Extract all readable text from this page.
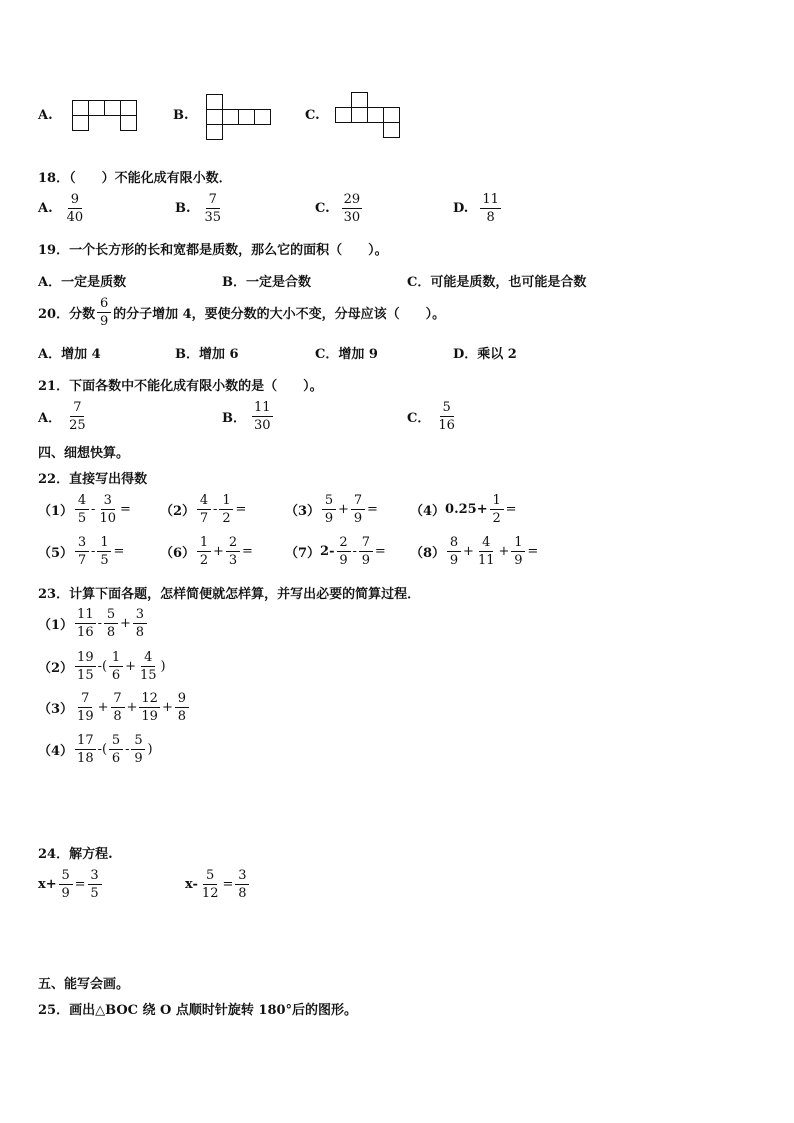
A.	B.	C.
18．（　　）不能化成有限小数．
A. $\frac{9}{40}$	B. $\frac{7}{35}$	C. $\frac{29}{30}$	D. $\frac{11}{8}$
19．一个长方形的长和宽都是质数，那么它的面积（　　）。
A．一定是质数	B．一定是合数	C．可能是质数，也可能是合数
20．分数 $\frac{6}{9}$ 的分子增加 4，要使分数的大小不变，分母应该（　　）。
A．增加 4	B．增加 6	C．增加 9	D．乘以 2
21．下面各数中不能化成有限小数的是（　　）。
A． $\frac{7}{25}$	B． $\frac{11}{30}$	C． $\frac{5}{16}$
四、细想快算。
22．直接写出得数
$(1) \frac{4}{5} - \frac{3}{10} = (2) \frac{4}{7} - \frac{1}{2}$ =	$(3) \frac{5}{9} + \frac{7}{9} = (4)$ $0.25+ \frac{1}{2}$ =
$(5) \frac{3}{7} - \frac{1}{5}$ =	$(6) \frac{1}{2} + \frac{2}{3} = (7)$ $2- \frac{2}{9} - \frac{7}{9} = (8) \frac{8}{9} + \frac{4}{11} + \frac{1}{9}$ =
23．计算下面各题，怎样简便就怎样算，并写出必要的简算过程．
$(1) \frac{11}{16} - \frac{5}{8} + \frac{3}{8}$
$(2) \frac{19}{15}$ -( $\frac{1}{6} + \frac{4}{15}$ )
$(3) \frac{7}{19} + \frac{7}{8} + \frac{12}{19} + \frac{9}{8}$
$(4) \frac{17}{18}$ -( $\frac{5}{6} - \frac{5}{9}$ )
24．解方程.
$x+ \frac{5}{9} = \frac{3}{5}$	$x- \frac{5}{12} = \frac{3}{8}$
五、能写会画。
25．画出△BOC 绕 O 点顺时针旋转 180°后的图形。
